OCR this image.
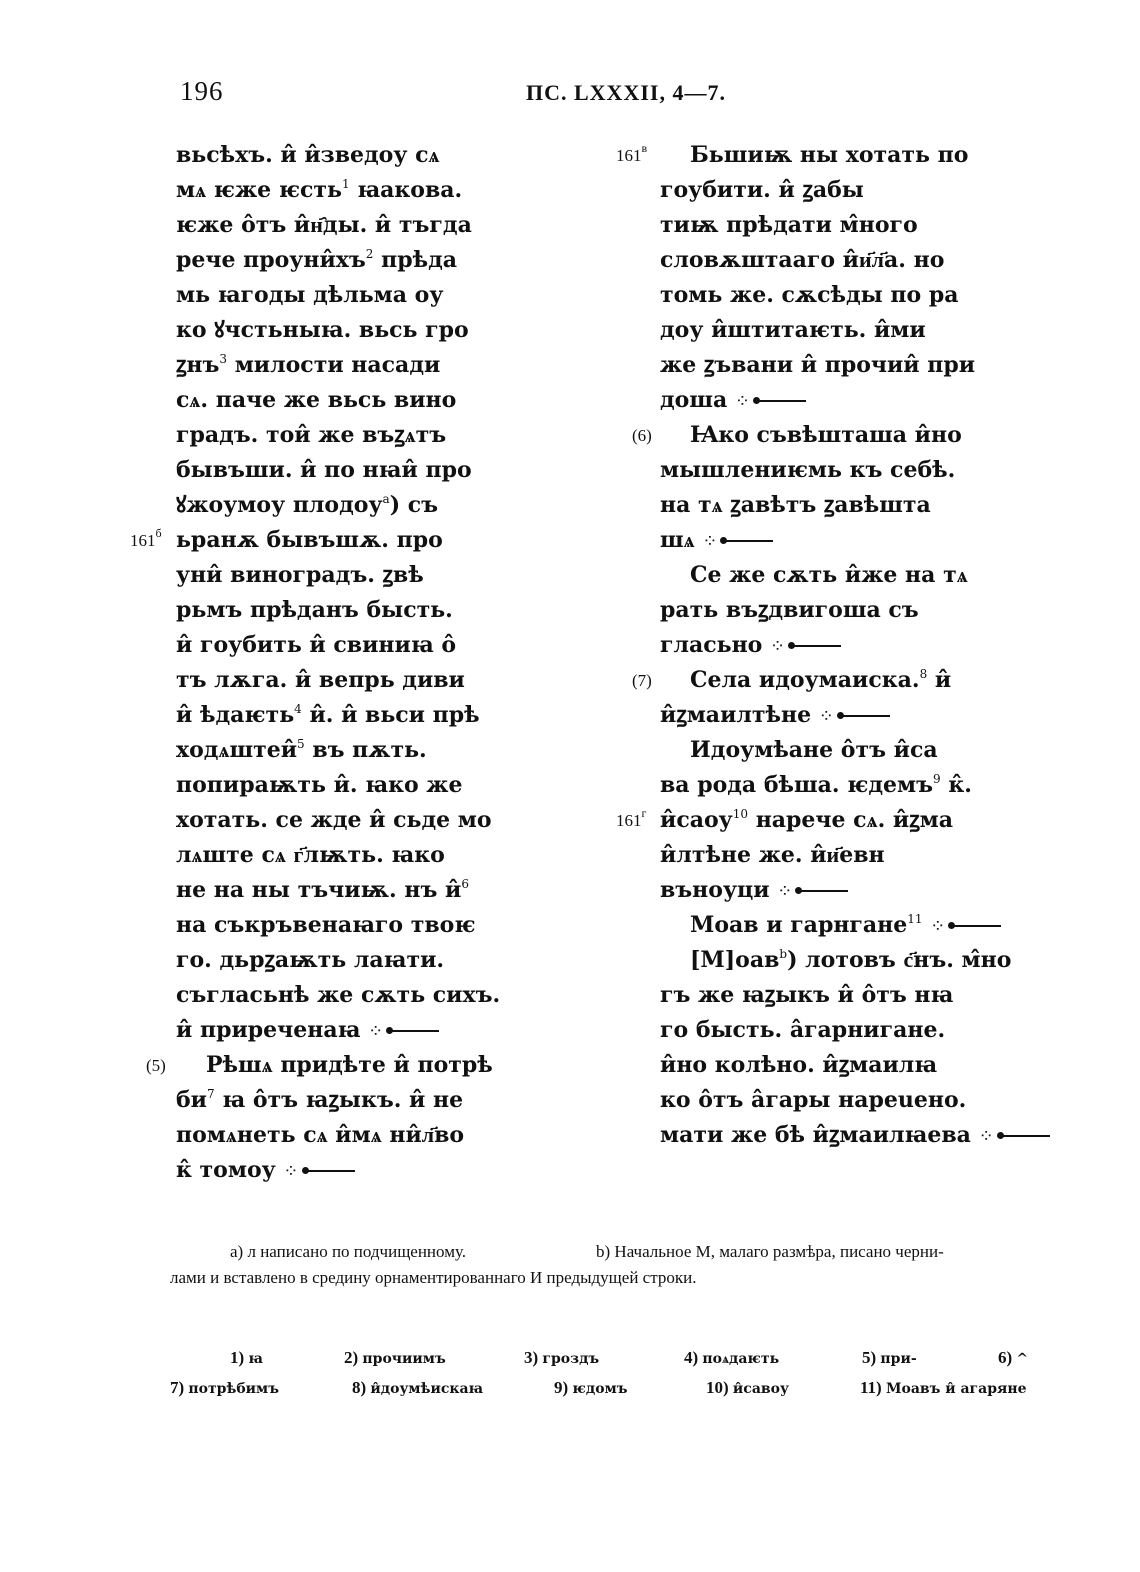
196	ПС. LXXXII, 4—7.
вьсѣхъ. и̂ и̂зведоу сѧ
мѧ ѥже ѥсть$^1$ ꙗакова.
ѥже о̂тъ и̂н҄ды. и̂ тъгда
рече $проуни̂хъ^2$ прѣда
мь ꙗгоды дѣльма оу
ко ꙋчстьныꙗ. вьсь гро
ꙁнъ$^3$ милости насади
сѧ. паче же вьсь вино
градъ. тои̂ же въꙁѧтъ
бывъши. и̂ по нꙗи̂ про
ꙋжоумоу плодоу$^a$) съ
$161^б$ ьранѫ бывъшѫ. про
уни̂ виноградъ. ꙁвѣ
рьмъ прѣданъ бысть.
и̂ гоубить и̂ свиниꙗ о̂
тъ лѫга. и̂ вепрь диви
и̂ ѣдаѥть$^4$ и̂. и̂ вьси прѣ
ходѧштеи̂$^5$ въ пѫть.
попираѭть и̂. ꙗко же
хотать. се жде и̂ сьде мо
лѧште сѧ г҃лѭть. ꙗко
не на ны тъчиѭ. нъ и̂$^6$
на съкръвенаꙗго твоѥ
го. дьрꙁаѭть лаꙗти.
съгласьнѣ же сѫть сихъ.
и̂ прирeченаꙗ ⁘
(5) Рѣшѧ придѣте и̂ потрѣ
$би^7$ ꙗ о̂тъ ꙗꙁыкъ. и̂ не
помѧнеть сѧ и̂мѧ ни̂л҃во
к̂ томоу ⁘
$161^в$ Бьшиѭ ны хотать по
гоубити. и̂ ꙁабы
тиѭ прѣдати м̂ного
словѫштааго и̂и҃л҃а. но
томь же. сѫсѣды по ра
доу и̂штитаѥть. и̂ми
же ꙁъвани и̂ прочии̂ при
доша ⁘
(6) Ꙗко съвѣшташа и̂но
мышлениѥмь къ себѣ.
на тѧ ꙁавѣтъ ꙁавѣшта
шѧ ⁘
Се же сѫть и̂же на тѧ
рать въꙁдвигоша съ
гласьно ⁘
(7) Села идоумаиска.$^8$ и̂
и̂ꙁмаилтѣне ⁘
Идоумѣане о̂тъ и̂са
ва рода бѣша. ѥдемъ$^9$ к̂.
$161^г$ и̂саоу$^{10}$ нарече сѧ. и̂ꙁма
и̂лтѣне же. и̂и҃евн
вънoуци ⁘
Моав и гарнгане$^{11}$ ⁘
[М]оав$^b$) лотовъ с҃нъ. м̂но
гъ же ꙗꙁыкъ и̂ о̂тъ нꙗ
го бысть. а̂гарнигане.
и̂но колѣно. и̂ꙁмаилꙗ
ко о̂тъ а̂гары нареueно.
мати же бѣ и̂ꙁмаилꙗева ⁘
a) л написано по подчищенному.	b) Начальное М, малаго размѣра, писано черни-
лами и вставлено в средину орнаментированнаго И предыдущей строки.
1) ꙗ	2) прочиимъ	3) гроздъ	4) поѧдаѥть	5) при-	6) ^
7) потрѣбимъ	8) и̂доумѣискаꙗ	9) ѥдомъ	10) и̂савоу	11) Моавъ и̂ агаряне
